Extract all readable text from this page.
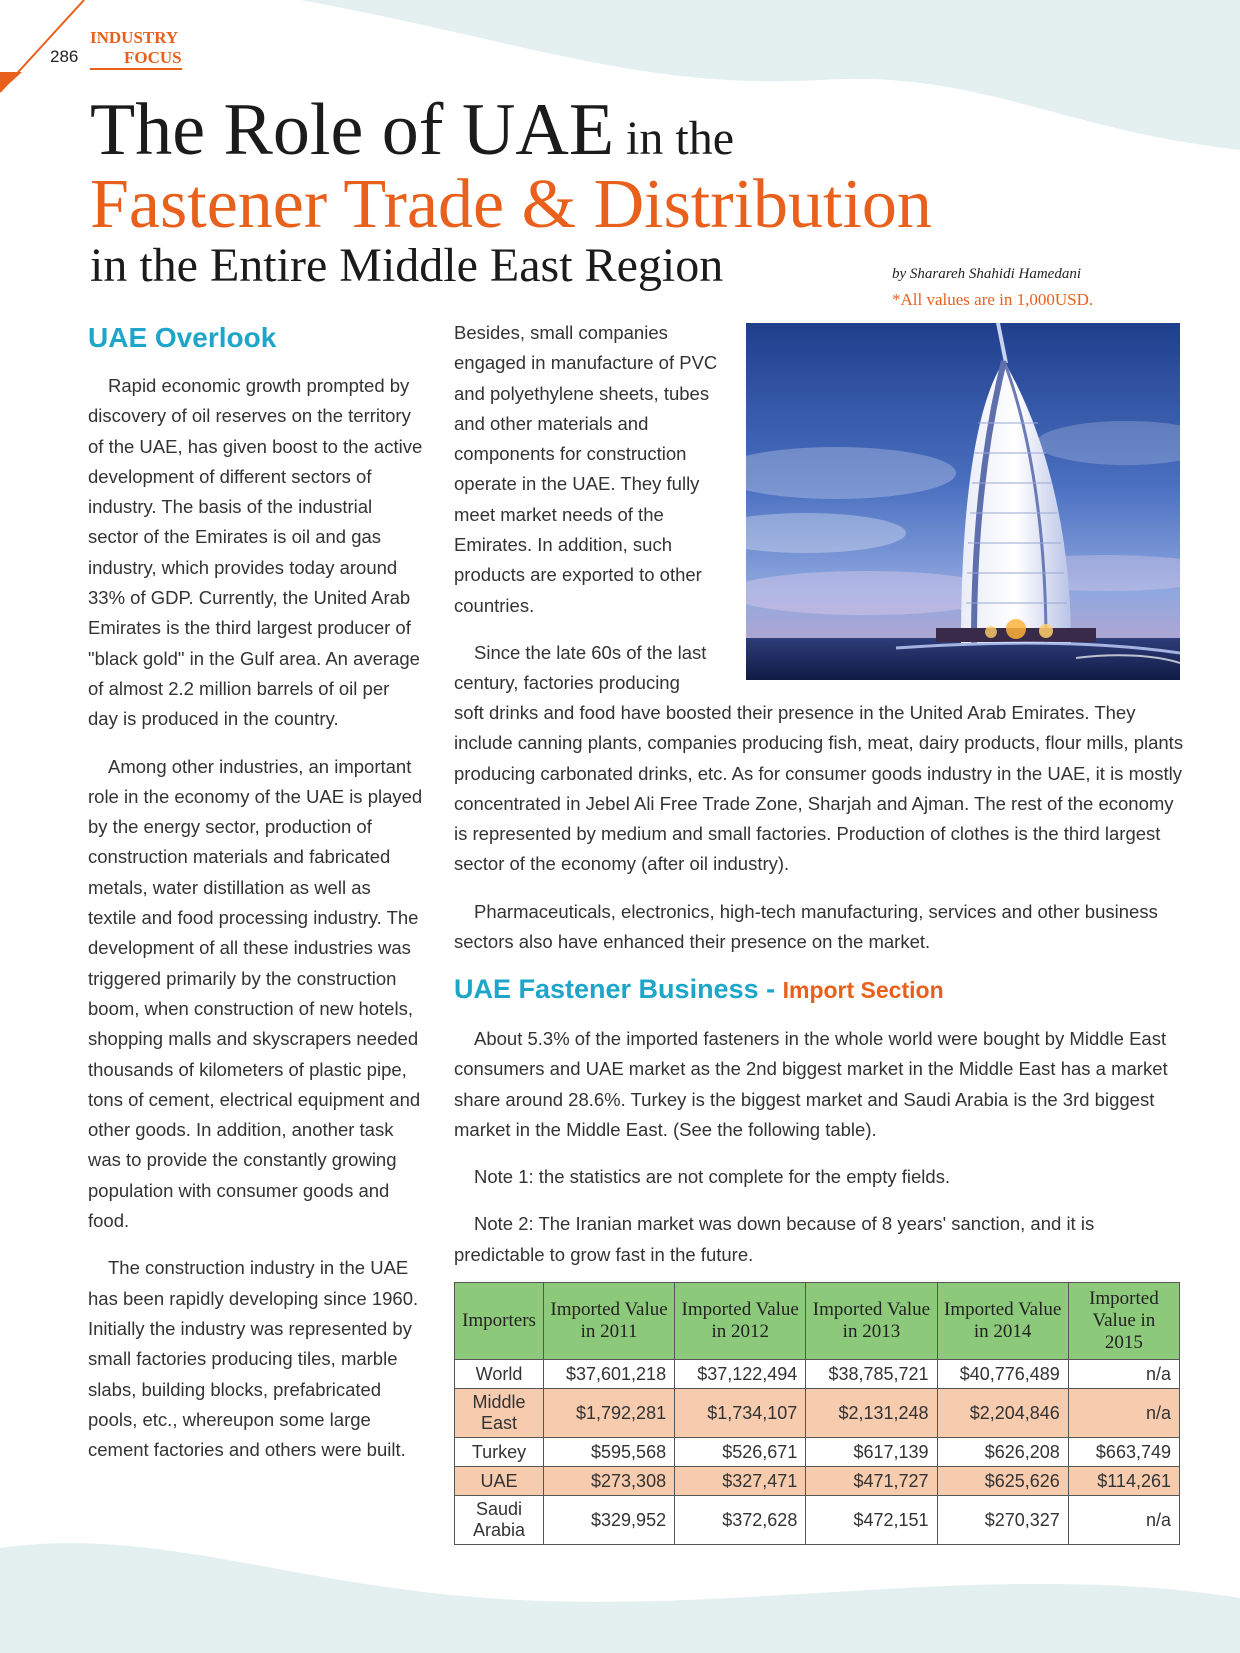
286
INDUSTRY
FOCUS
The Role of UAE in the
Fastener Trade & Distribution
in the Entire Middle East Region	by Sharareh Shahidi Hamedani
*All values are in 1,000USD.
UAE Overlook

Rapid economic growth prompted by discovery of oil reserves on the territory of the UAE, has given boost to the active development of different sectors of industry. The basis of the industrial sector of the Emirates is oil and gas industry, which provides today around 33% of GDP. Currently, the United Arab Emirates is the third largest producer of "black gold" in the Gulf area. An average of almost 2.2 million barrels of oil per day is produced in the country.

Among other industries, an important role in the economy of the UAE is played by the energy sector, production of construction materials and fabricated metals, water distillation as well as textile and food processing industry. The development of all these industries was triggered primarily by the construction boom, when construction of new hotels, shopping malls and skyscrapers needed thousands of kilometers of plastic pipe, tons of cement, electrical equipment and other goods. In addition, another task was to provide the constantly growing population with consumer goods and food.

The construction industry in the UAE has been rapidly developing since 1960. Initially the industry was represented by small factories producing tiles, marble slabs, building blocks, prefabricated pools, etc., whereupon some large cement factories and others were built.

Besides, small companies engaged in manufacture of PVC and polyethylene sheets, tubes and other materials and components for construction operate in the UAE. They fully meet market needs of the Emirates. In addition, such products are exported to other countries.

Since the late 60s of the last century, factories producing

soft drinks and food have boosted their presence in the United Arab Emirates. They include canning plants, companies producing fish, meat, dairy products, flour mills, plants producing carbonated drinks, etc. As for consumer goods industry in the UAE, it is mostly concentrated in Jebel Ali Free Trade Zone, Sharjah and Ajman. The rest of the economy is represented by medium and small factories. Production of clothes is the third largest sector of the economy (after oil industry).

Pharmaceuticals, electronics, high-tech manufacturing, services and other business sectors also have enhanced their presence on the market.

UAE Fastener Business - Import Section

About 5.3% of the imported fasteners in the whole world were bought by Middle East consumers and UAE market as the 2nd biggest market in the Middle East has a market share around 28.6%. Turkey is the biggest market and Saudi Arabia is the 3rd biggest market in the Middle East. (See the following table).

Note 1: the statistics are not complete for the empty fields.

Note 2: The Iranian market was down because of 8 years' sanction, and it is predictable to grow fast in the future.

Importers	Imported Value in 2011	Imported Value in 2012	Imported Value in 2013	Imported Value in 2014	Imported Value in 2015
World	$37,601,218	$37,122,494	$38,785,721	$40,776,489	n/a
Middle East	$1,792,281	$1,734,107	$2,131,248	$2,204,846	n/a
Turkey	$595,568	$526,671	$617,139	$626,208	$663,749
UAE	$273,308	$327,471	$471,727	$625,626	$114,261
Saudi Arabia	$329,952	$372,628	$472,151	$270,327	n/a
